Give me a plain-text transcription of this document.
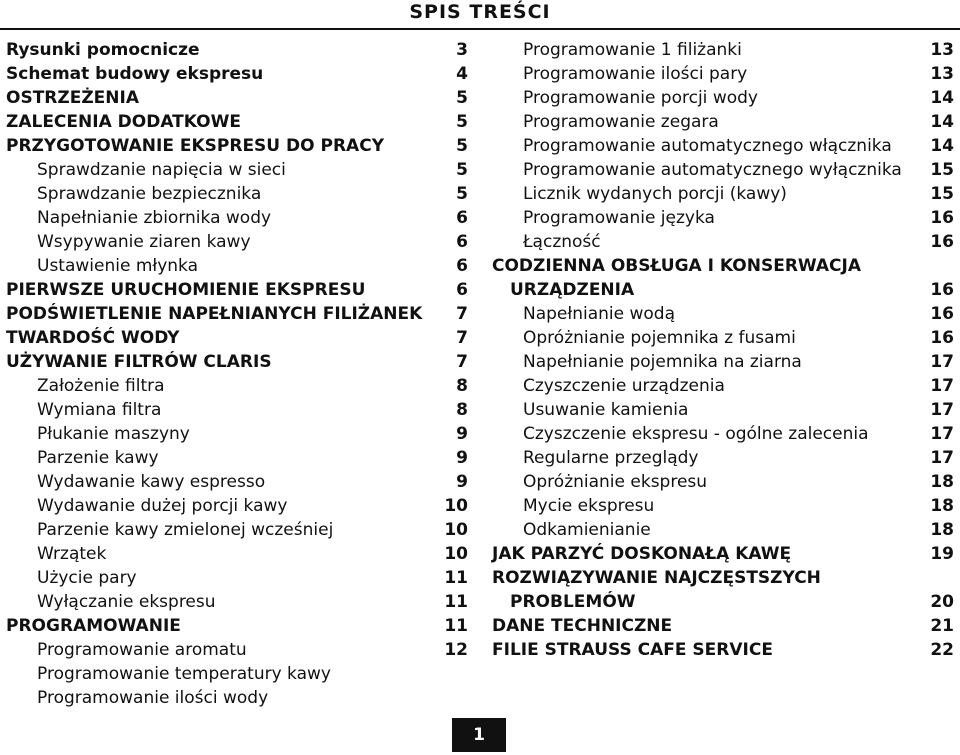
SPIS TREŚCI
Rysunki pomocnicze	3
Schemat budowy ekspresu	4
OSTRZEŻENIA	5
ZALECENIA DODATKOWE	5
PRZYGOTOWANIE EKSPRESU DO PRACY	5
Sprawdzanie napięcia w sieci	5
Sprawdzanie bezpiecznika	5
Napełnianie zbiornika wody	6
Wsypywanie ziaren kawy	6
Ustawienie młynka	6
PIERWSZE URUCHOMIENIE EKSPRESU	6
PODŚWIETLENIE NAPEŁNIANYCH FILIŻANEK 7
TWARDOŚĆ WODY	7
UŻYWANIE FILTRÓW CLARIS	7
Założenie filtra	8
Wymiana filtra	8
Płukanie maszyny	9
Parzenie kawy	9
Wydawanie kawy espresso	9
Wydawanie dużej porcji kawy	10
Parzenie kawy zmielonej wcześniej	10
Wrzątek	10
Użycie pary	11
Wyłączanie ekspresu	11
PROGRAMOWANIE	11
Programowanie aromatu	12
Programowanie temperatury kawy
Programowanie ilości wody
Programowanie 1 filiżanki	13
Programowanie ilości pary	13
Programowanie porcji wody	14
Programowanie zegara	14
Programowanie automatycznego włącznika 14
Programowanie automatycznego wyłącznika 15
Licznik wydanych porcji (kawy)	15
Programowanie języka	16
Łączność	16
CODZIENNA OBSŁUGA I KONSERWACJA
URZĄDZENIA	16
Napełnianie wodą	16
Opróżnianie pojemnika z fusami	16
Napełnianie pojemnika na ziarna	17
Czyszczenie urządzenia	17
Usuwanie kamienia	17
Czyszczenie ekspresu - ogólne zalecenia	17
Regularne przeglądy	17
Opróżnianie ekspresu	18
Mycie ekspresu	18
Odkamienianie	18
JAK PARZYĆ DOSKONAŁĄ KAWĘ	19
ROZWIĄZYWANIE NAJCZĘSTSZYCH
PROBLEMÓW	20
DANE TECHNICZNE	21
FILIE STRAUSS CAFE SERVICE	22
1
